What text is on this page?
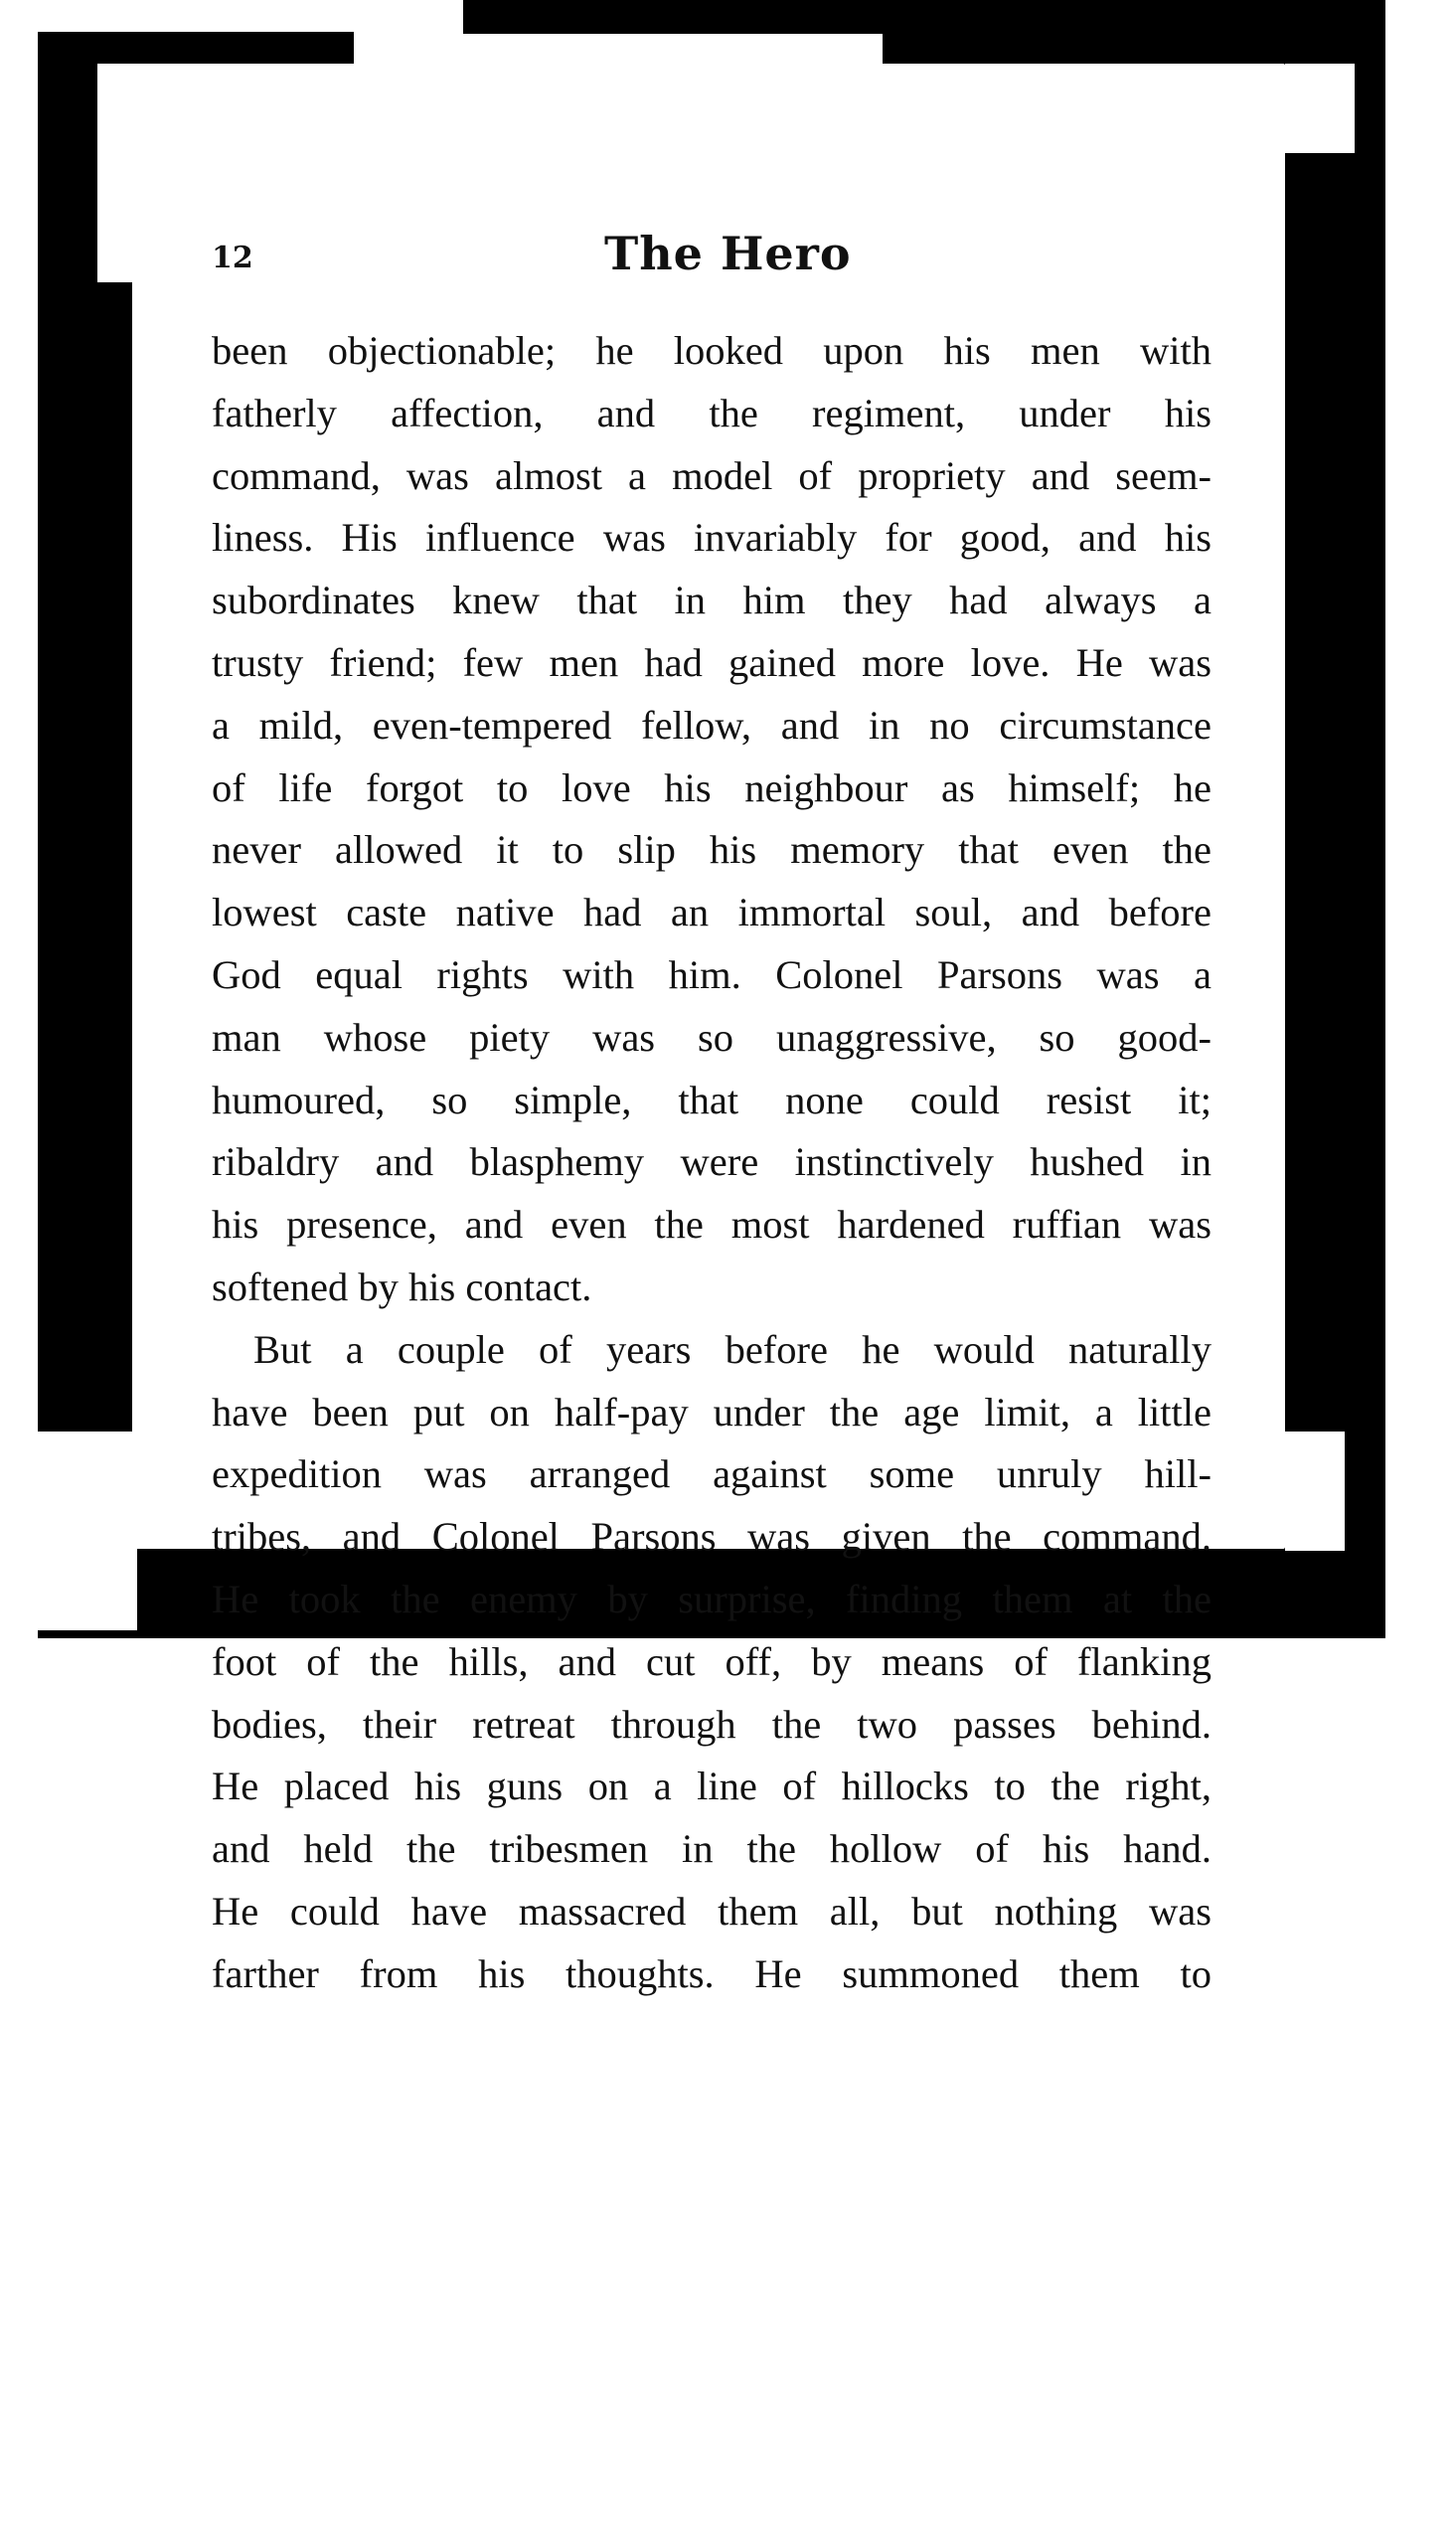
12	The Hero
been objectionable; he looked upon his men with
fatherly affection, and the regiment, under his
command, was almost a model of propriety and seem-
liness. His influence was invariably for good, and his
subordinates knew that in him they had always a
trusty friend; few men had gained more love. He was
a mild, even-tempered fellow, and in no circumstance
of life forgot to love his neighbour as himself; he
never allowed it to slip his memory that even the
lowest caste native had an immortal soul, and before
God equal rights with him. Colonel Parsons was a
man whose piety was so unaggressive, so good-
humoured, so simple, that none could resist it;
ribaldry and blasphemy were instinctively hushed in
his presence, and even the most hardened ruffian was
softened by his contact.
But a couple of years before he would naturally
have been put on half-pay under the age limit, a little
expedition was arranged against some unruly hill-
tribes, and Colonel Parsons was given the command.
He took the enemy by surprise, finding them at the
foot of the hills, and cut off, by means of flanking
bodies, their retreat through the two passes behind.
He placed his guns on a line of hillocks to the right,
and held the tribesmen in the hollow of his hand.
He could have massacred them all, but nothing was
farther from his thoughts. He summoned them to
